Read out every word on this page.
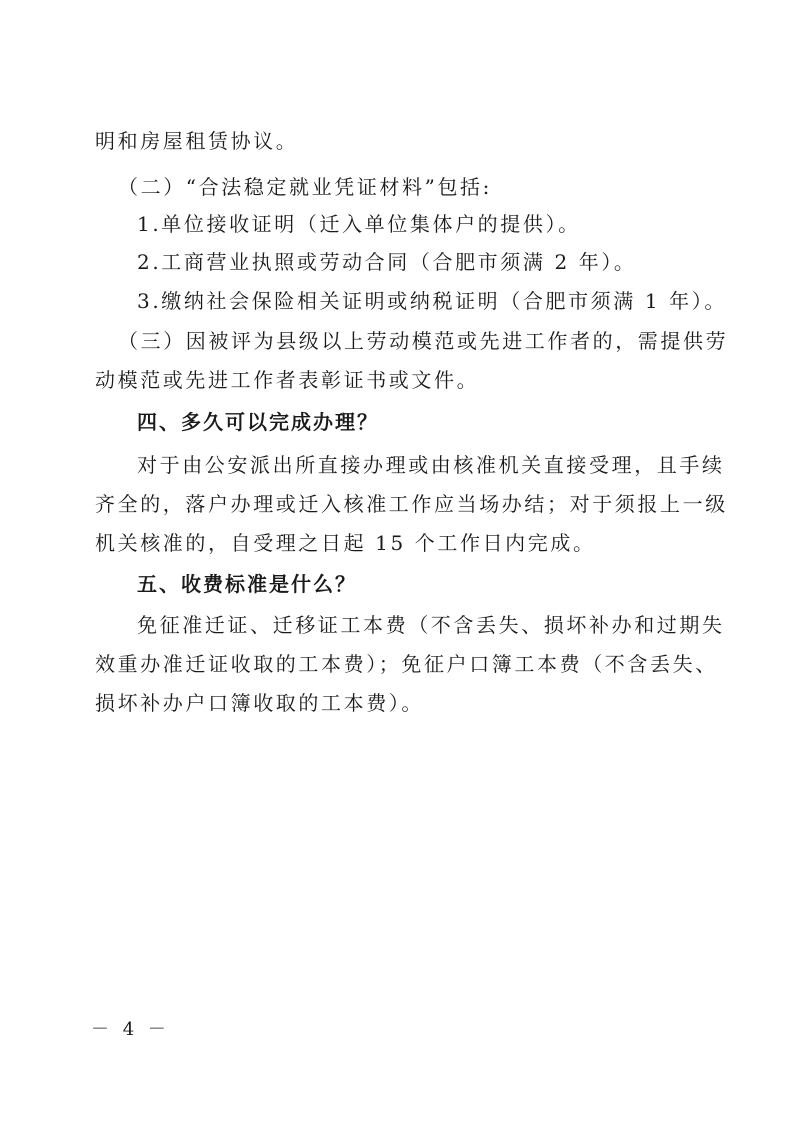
明和房屋租赁协议。
（二）“合法稳定就业凭证材料”包括:
1.单位接收证明（迁入单位集体户的提供）。
2.工商营业执照或劳动合同（合肥市须满 2 年）。
3.缴纳社会保险相关证明或纳税证明（合肥市须满 1 年）。
（三）因被评为县级以上劳动模范或先进工作者的，需提供劳
动模范或先进工作者表彰证书或文件。
四、多久可以完成办理？
对于由公安派出所直接办理或由核准机关直接受理，且手续
齐全的，落户办理或迁入核准工作应当场办结；对于须报上一级
机关核准的，自受理之日起 15 个工作日内完成。
五、收费标准是什么？
免征准迁证、迁移证工本费（不含丢失、损坏补办和过期失
效重办准迁证收取的工本费）；免征户口簿工本费（不含丢失、
损坏补办户口簿收取的工本费）。
－ 4 －
